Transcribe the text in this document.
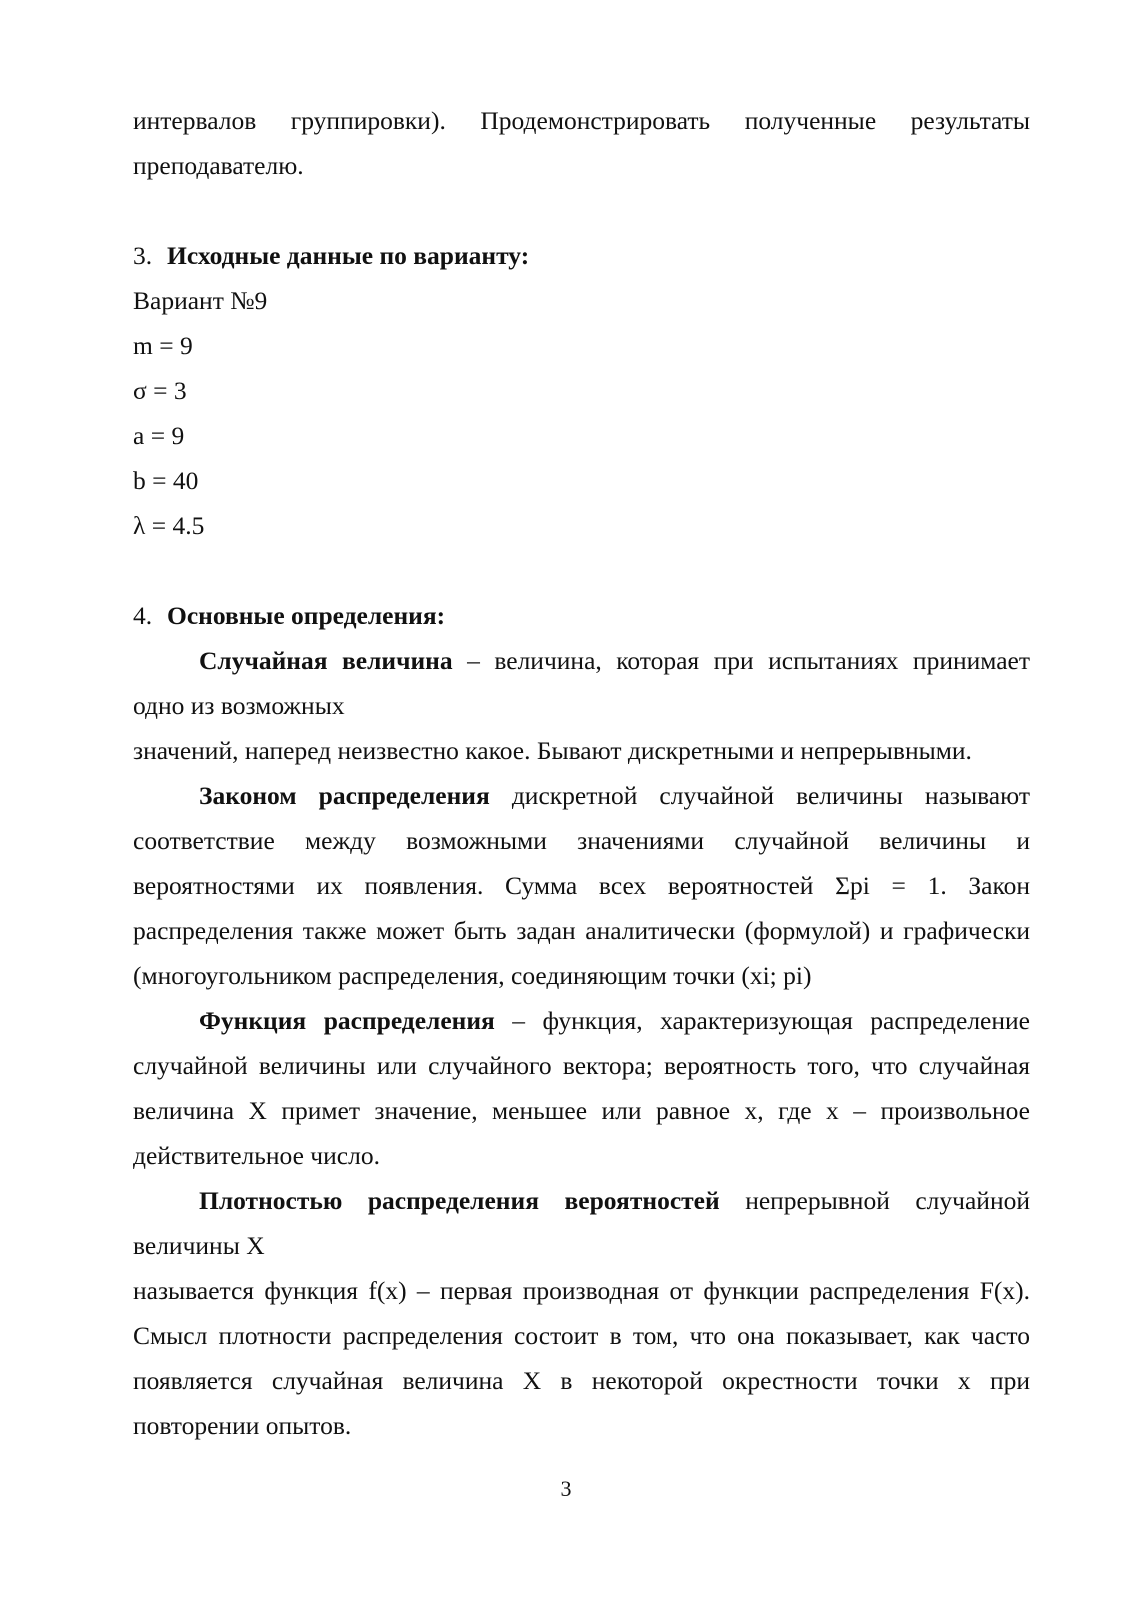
интервалов группировки). Продемонстрировать полученные результаты

преподавателю.

3. Исходные данные по варианту:

Вариант №9

m = 9

σ = 3

a = 9

b = 40

λ = 4.5

4. Основные определения:

Случайная величина – величина, которая при испытаниях принимает

одно из возможных

значений, наперед неизвестно какое. Бывают дискретными и непрерывными.

Законом распределения дискретной случайной величины называют соответствие между возможными значениями случайной величины и вероятностями их появления. Сумма всех вероятностей Σpi = 1. Закон распределения также может быть задан аналитически (формулой) и графически (многоугольником распределения, соединяющим точки (xi; pi)

Функция распределения – функция, характеризующая распределение случайной величины или случайного вектора; вероятность того, что случайная величина X примет значение, меньшее или равное x, где x – произвольное действительное число.

Плотностью распределения вероятностей непрерывной случайной

величины X

называется функция f(x) – первая производная от функции распределения F(x). Смысл плотности распределения состоит в том, что она показывает, как часто появляется случайная величина X в некоторой окрестности точки x при повторении опытов.

3
